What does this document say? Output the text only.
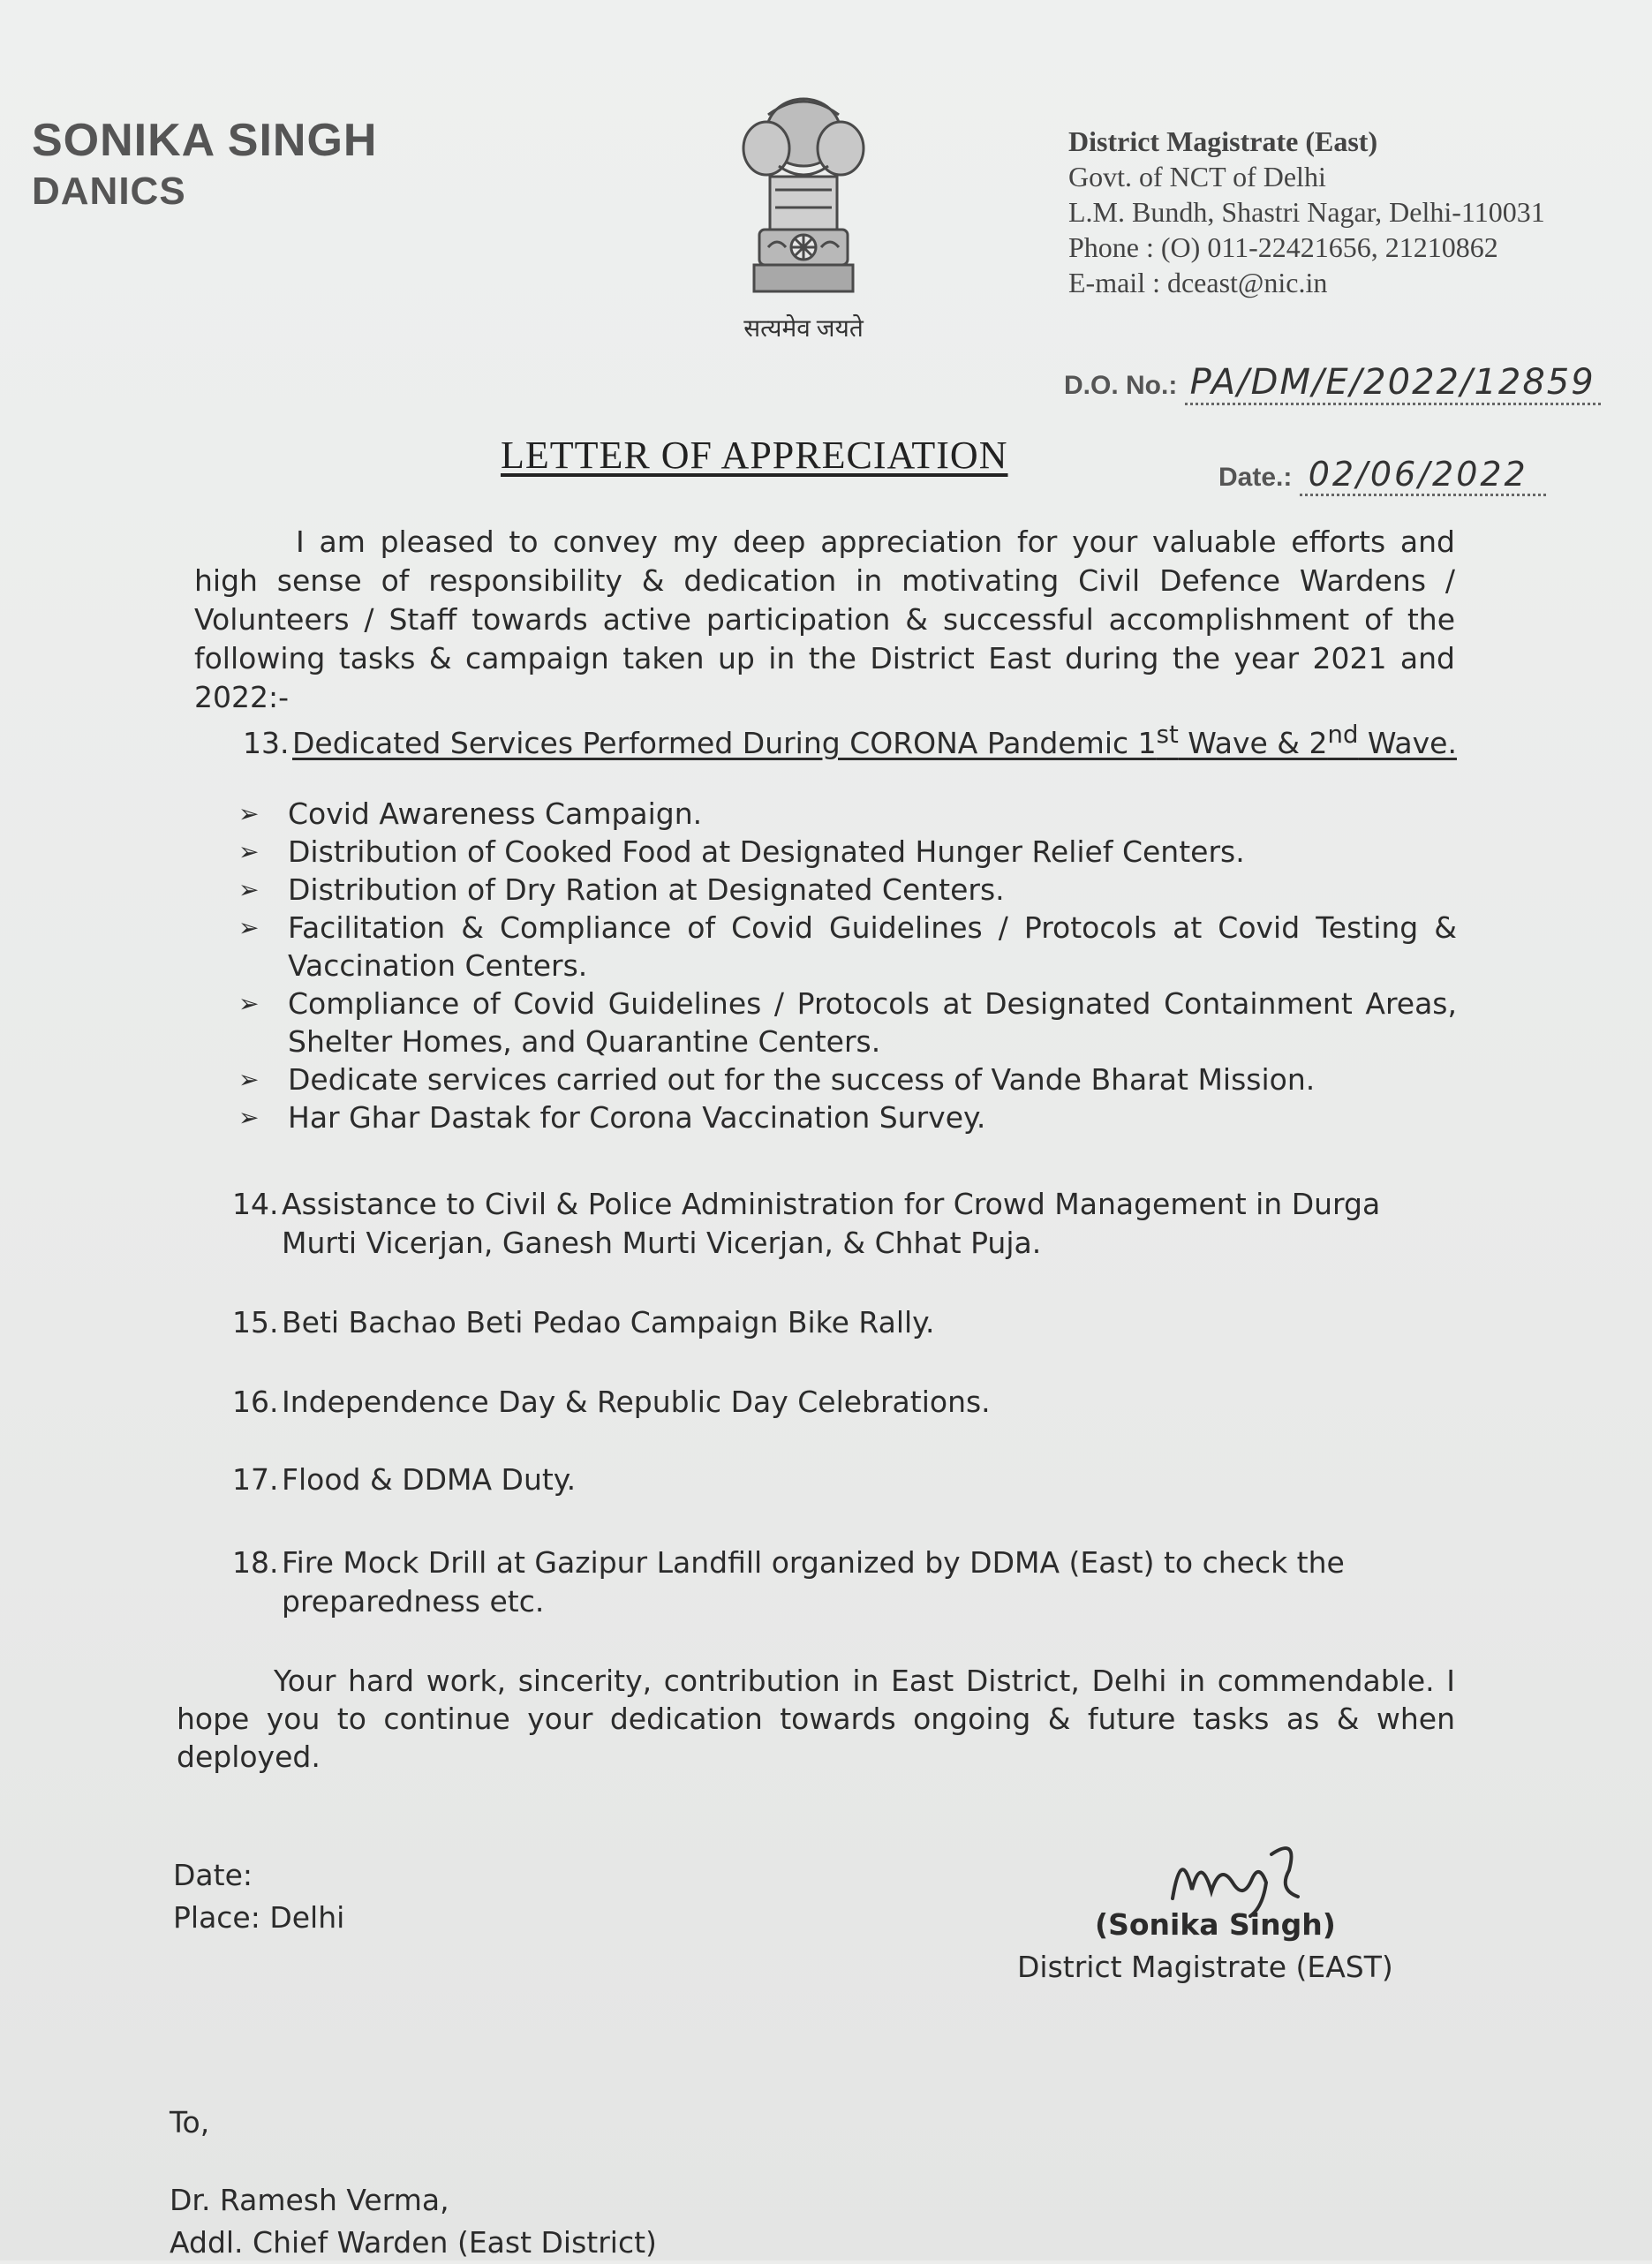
SONIKA SINGH
DANICS
सत्यमेव जयते
District Magistrate (East)
Govt. of NCT of Delhi
L.M. Bundh, Shastri Nagar, Delhi-110031
Phone : (O) 011-22421656, 21210862
E-mail : dceast@nic.in
D.O. No.: PA/DM/E/2022/12859
LETTER OF APPRECIATION
Date.: 02/06/2022
I am pleased to convey my deep appreciation for your valuable efforts and high sense of responsibility & dedication in motivating Civil Defence Wardens / Volunteers / Staff towards active participation & successful accomplishment of the following tasks & campaign taken up in the District East during the year 2021 and 2022:-
13. Dedicated Services Performed During CORONA Pandemic 1st Wave & 2nd Wave.
➢ Covid Awareness Campaign.
➢ Distribution of Cooked Food at Designated Hunger Relief Centers.
➢ Distribution of Dry Ration at Designated Centers.
➢ Facilitation & Compliance of Covid Guidelines / Protocols at Covid Testing & Vaccination Centers.
➢ Compliance of Covid Guidelines / Protocols at Designated Containment Areas, Shelter Homes, and Quarantine Centers.
➢ Dedicate services carried out for the success of Vande Bharat Mission.
➢ Har Ghar Dastak for Corona Vaccination Survey.
14. Assistance to Civil & Police Administration for Crowd Management in Durga
Murti Vicerjan, Ganesh Murti Vicerjan, & Chhat Puja.
15. Beti Bachao Beti Pedao Campaign Bike Rally.
16. Independence Day & Republic Day Celebrations.
17. Flood & DDMA Duty.
18. Fire Mock Drill at Gazipur Landfill organized by DDMA (East) to check the
preparedness etc.
Your hard work, sincerity, contribution in East District, Delhi in commendable. I hope you to continue your dedication towards ongoing & future tasks as & when deployed.
Date:
Place: Delhi	(Sonika Singh)
District Magistrate (EAST)
To,
Dr. Ramesh Verma,
Addl. Chief Warden (East District)
